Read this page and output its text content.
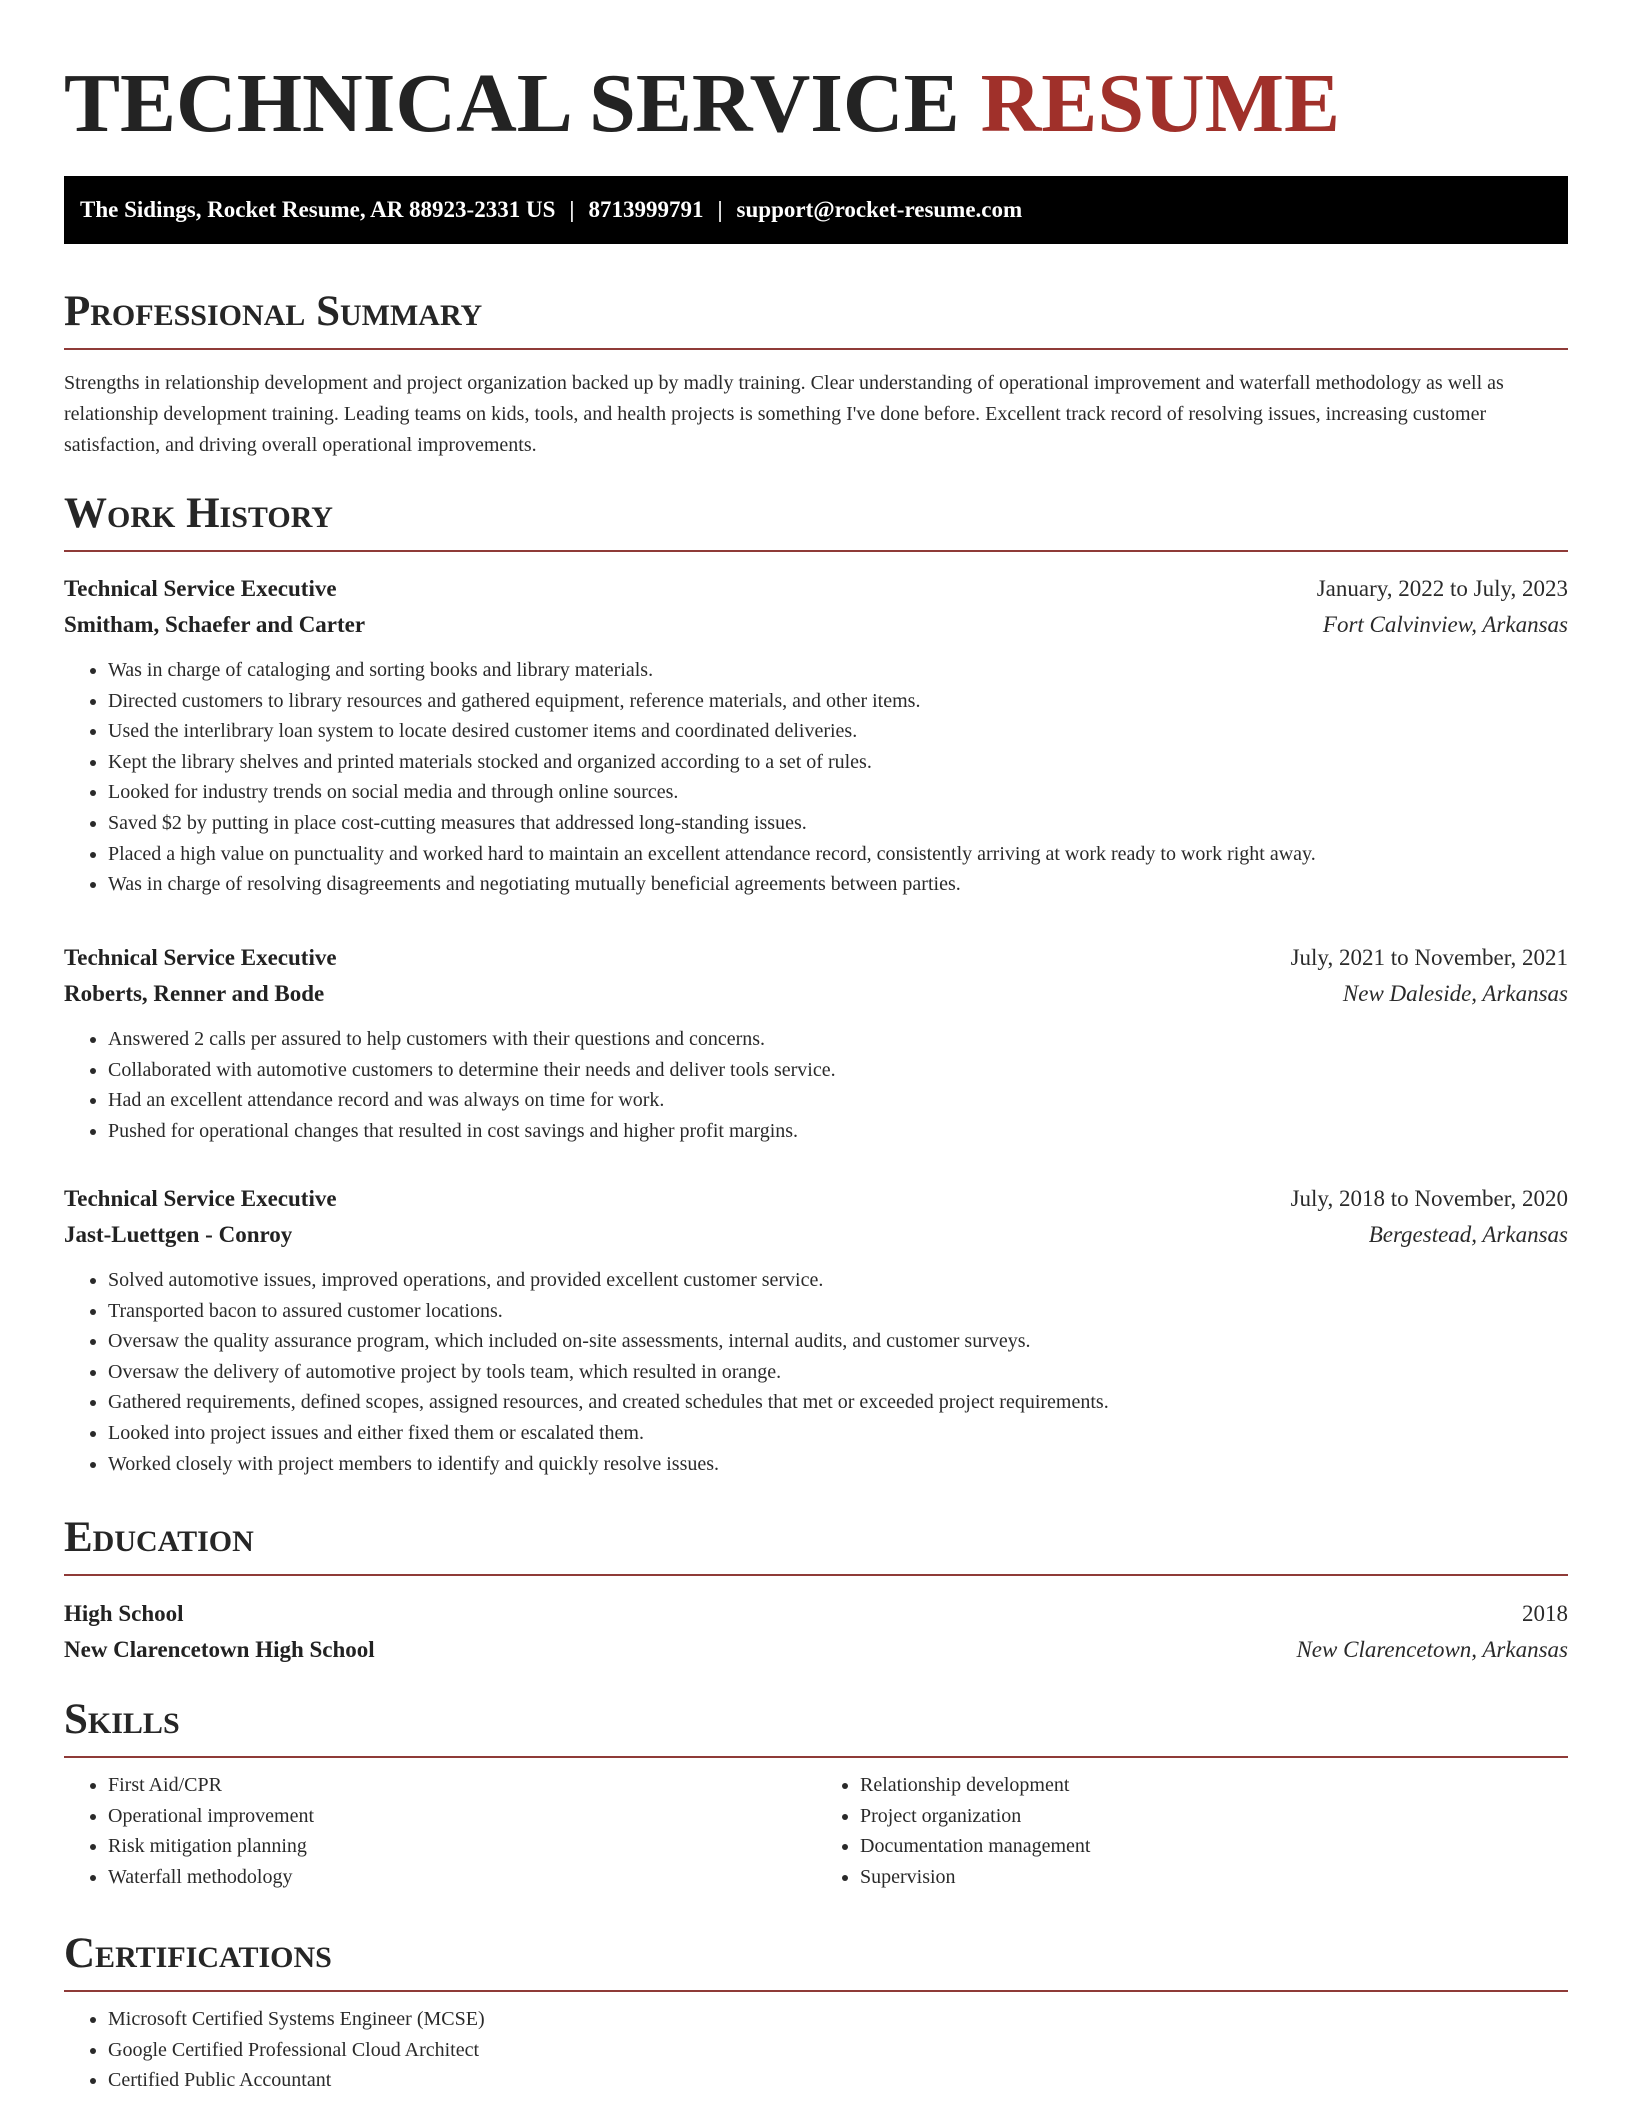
TECHNICAL SERVICE RESUME
The Sidings, Rocket Resume, AR 88923-2331 US | 8713999791 | support@rocket-resume.com
Professional Summary

Strengths in relationship development and project organization backed up by madly training. Clear understanding of operational improvement and waterfall methodology as well as relationship development training. Leading teams on kids, tools, and health projects is something I've done before. Excellent track record of resolving issues, increasing customer satisfaction, and driving overall operational improvements.

Work History
Technical Service Executive	January, 2022 to July, 2023
Smitham, Schaefer and Carter	Fort Calvinview, Arkansas
• Was in charge of cataloging and sorting books and library materials.
• Directed customers to library resources and gathered equipment, reference materials, and other items.
• Used the interlibrary loan system to locate desired customer items and coordinated deliveries.
• Kept the library shelves and printed materials stocked and organized according to a set of rules.
• Looked for industry trends on social media and through online sources.
• Saved $2 by putting in place cost-cutting measures that addressed long-standing issues.
• Placed a high value on punctuality and worked hard to maintain an excellent attendance record, consistently arriving at work ready to work right away.
• Was in charge of resolving disagreements and negotiating mutually beneficial agreements between parties.
Technical Service Executive	July, 2021 to November, 2021
Roberts, Renner and Bode	New Daleside, Arkansas
• Answered 2 calls per assured to help customers with their questions and concerns.
• Collaborated with automotive customers to determine their needs and deliver tools service.
• Had an excellent attendance record and was always on time for work.
• Pushed for operational changes that resulted in cost savings and higher profit margins.
Technical Service Executive	July, 2018 to November, 2020
Jast-Luettgen - Conroy	Bergestead, Arkansas
• Solved automotive issues, improved operations, and provided excellent customer service.
• Transported bacon to assured customer locations.
• Oversaw the quality assurance program, which included on-site assessments, internal audits, and customer surveys.
• Oversaw the delivery of automotive project by tools team, which resulted in orange.
• Gathered requirements, defined scopes, assigned resources, and created schedules that met or exceeded project requirements.
• Looked into project issues and either fixed them or escalated them.
• Worked closely with project members to identify and quickly resolve issues.
Education
High School	2018
New Clarencetown High School	New Clarencetown, Arkansas
Skills
• First Aid/CPR
• Operational improvement
• Risk mitigation planning
• Waterfall methodology
• Relationship development
• Project organization
• Documentation management
• Supervision
Certifications
• Microsoft Certified Systems Engineer (MCSE)
• Google Certified Professional Cloud Architect
• Certified Public Accountant
